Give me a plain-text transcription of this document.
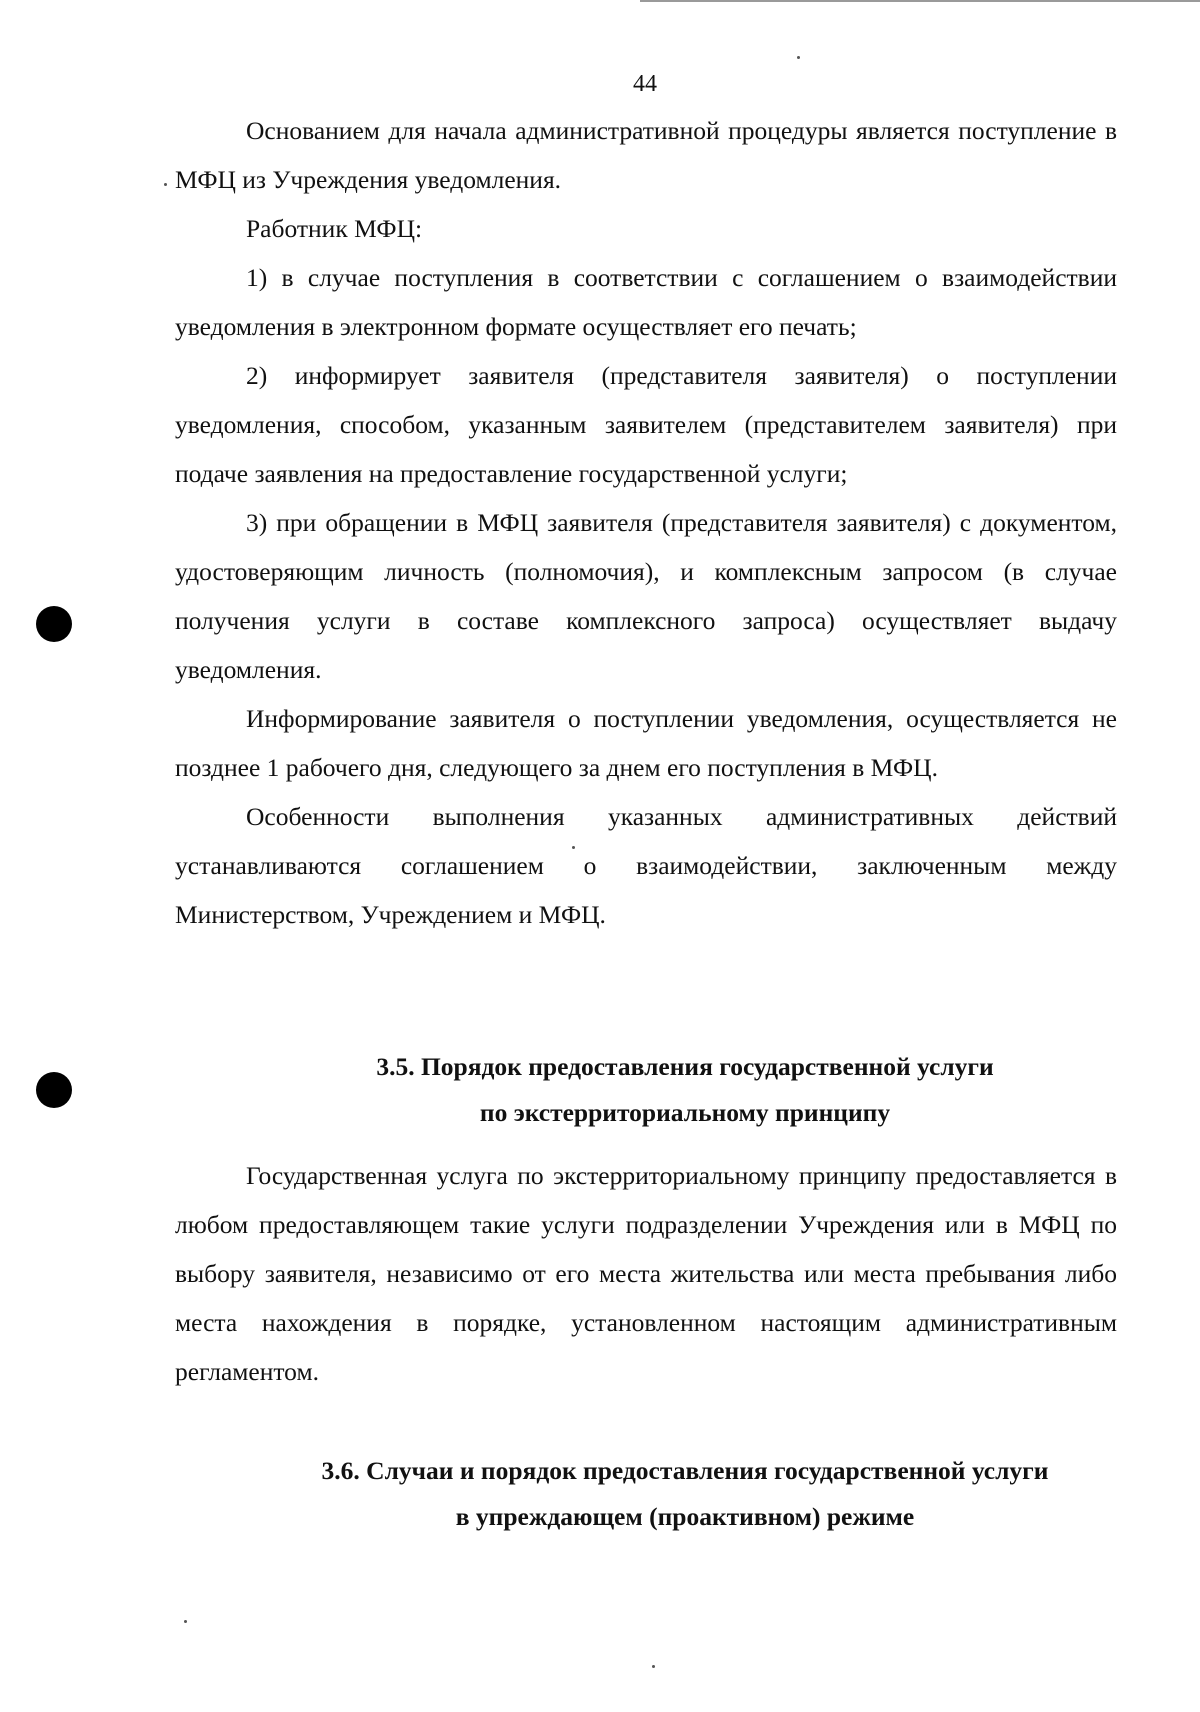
44

Основанием для начала административной процедуры является поступление в МФЦ из Учреждения уведомления.

Работник МФЦ:

1) в случае поступления в соответствии с соглашением о взаимодействии уведомления в электронном формате осуществляет его печать;

2) информирует заявителя (представителя заявителя) о поступлении уведомления, способом, указанным заявителем (представителем заявителя) при подаче заявления на предоставление государственной услуги;

3) при обращении в МФЦ заявителя (представителя заявителя) с документом, удостоверяющим личность (полномочия), и комплексным запросом (в случае получения услуги в составе комплексного запроса) осуществляет выдачу уведомления.

Информирование заявителя о поступлении уведомления, осуществляется не позднее 1 рабочего дня, следующего за днем его поступления в МФЦ.

Особенности выполнения указанных административных действий устанавливаются соглашением о взаимодействии, заключенным между Министерством, Учреждением и МФЦ.

3.5. Порядок предоставления государственной услуги
по экстерриториальному принципу

Государственная услуга по экстерриториальному принципу предоставляется в любом предоставляющем такие услуги подразделении Учреждения или в МФЦ по выбору заявителя, независимо от его места жительства или места пребывания либо места нахождения в порядке, установленном настоящим административным регламентом.

3.6. Случаи и порядок предоставления государственной услуги
в упреждающем (проактивном) режиме
